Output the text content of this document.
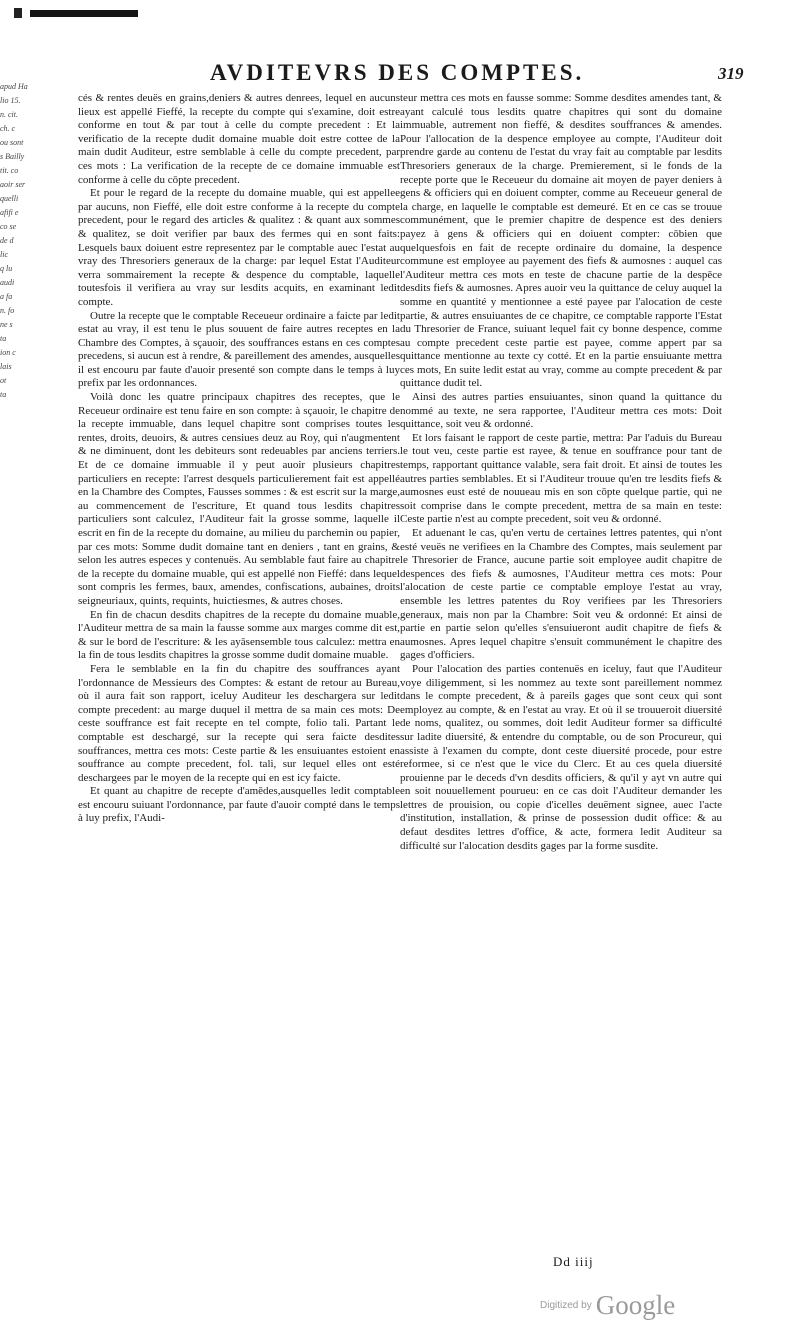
apud Ha
lio 15.
n. cit.
ch. c
ou sont
s Bailly
tit. co
aoir ser
quelli
afifi e
co se
de d
lic
q lu
audi
a fa
n. fo
ne s
ta
ion c
lais
ot
ta
AVDITEVRS DES COMPTES.	319

cés & rentes deuës en grains,deniers & autres denrees, lequel en aucuns lieux est appellé Fieffé, la recepte du compte qui s'examine, doit estre conforme en tout & par tout à celle du compte precedent : Et la verificatio de la recepte dudit domaine muable doit estre cottee de la main dudit Auditeur, estre semblable à celle du compte precedent, par ces mots : La verification de la recepte de ce domaine immuable est conforme à celle du cōpte precedent.

Et pour le regard de la recepte du domaine muable, qui est appellee par aucuns, non Fieffé, elle doit estre conforme à la recepte du compte precedent, pour le regard des articles & qualitez : & quant aux sommes & qualitez, se doit verifier par baux des fermes qui en sont faits: Lesquels baux doiuent estre representez par le comptable auec l'estat au vray des Thresoriers generaux de la charge: par lequel Estat l'Auditeur verra sommairement la recepte & despence du comptable, laquelle toutesfois il verifiera au vray sur lesdits acquits, en examinant ledit compte.

Outre la recepte que le comptable Receueur ordinaire a faicte par ledit estat au vray, il est tenu le plus souuent de faire autres receptes en la Chambre des Comptes, à sçauoir, des souffrances estans en ces comptes precedens, si aucun est à rendre, & pareillement des amendes, ausquelles il est encouru par faute d'auoir presenté son compte dans le temps à luy prefix par les ordonnances.

Voilà donc les quatre principaux chapitres des receptes, que le Receueur ordinaire est tenu faire en son compte: à sçauoir, le chapitre de la recepte immuable, dans lequel chapitre sont comprises toutes les rentes, droits, deuoirs, & autres censiues deuz au Roy, qui n'augmentent & ne diminuent, dont les debiteurs sont redeuables par anciens terriers. Et de ce domaine immuable il y peut auoir plusieurs chapitres particuliers en recepte: l'arrest desquels particulierement fait est appellé en la Chambre des Comptes, Fausses sommes : & est escrit sur la marge, au commencement de l'escriture, Et quand tous lesdits chapitres particuliers sont calculez, l'Auditeur fait la grosse somme, laquelle il escrit en fin de la recepte du domaine, au milieu du parchemin ou papier, par ces mots: Somme dudit domaine tant en deniers , tant en grains, & selon les autres especes y contenuës. Au semblable faut faire au chapitre de la recepte du domaine muable, qui est appellé non Fieffé: dans lequel sont compris les fermes, baux, amendes, confiscations, aubaines, droits seigneuriaux, quints, requints, huictiesmes, & autres choses.

En fin de chacun desdits chapitres de la recepte du domaine muable, l'Auditeur mettra de sa main la fausse somme aux marges comme dit est, & sur le bord de l'escriture: & les ayāsensemble tous calculez: mettra en la fin de tous lesdits chapitres la grosse somme dudit domaine muable.

Fera le semblable en la fin du chapitre des souffrances ayant l'ordonnance de Messieurs des Comptes: & estant de retour au Bureau, où il aura fait son rapport, iceluy Auditeur les deschargera sur ledit compte precedent: au marge duquel il mettra de sa main ces mots: De ceste souffrance est fait recepte en tel compte, folio tali. Partant le comptable est deschargé, sur la recepte qui sera faicte desdites souffrances, mettra ces mots: Ceste partie & les ensuiuantes estoient en souffrance au compte precedent, fol. tali, sur lequel elles ont esté deschargees par le moyen de la recepte qui en est icy faicte.

Et quant au chapitre de recepte d'amēdes,ausquelles ledit comptable est encouru suiuant l'ordonnance, par faute d'auoir compté dans le temps à luy prefix, l'Audi-

teur mettra ces mots en fausse somme: Somme desdites amendes tant, & ayant calculé tous lesdits quatre chapitres qui sont du domaine immuable, autrement non fieffé, & desdites souffrances & amendes. Pour l'allocation de la despence employee au compte, l'Auditeur doit prendre garde au contenu de l'estat du vray fait au comptable par lesdits Thresoriers generaux de la charge. Premierement, si le fonds de la recepte porte que le Receueur du domaine ait moyen de payer deniers à gens & officiers qui en doiuent compter, comme au Receueur general de la charge, en laquelle le comptable est demeuré. Et en ce cas se trouue communément, que le premier chapitre de despence est des deniers payez à gens & officiers qui en doiuent compter: cōbien que quelquesfois en fait de recepte ordinaire du domaine, la despence commune est employee au payement des fiefs & aumosnes : auquel cas l'Auditeur mettra ces mots en teste de chacune partie de la despēce desdits fiefs & aumosnes. Apres auoir veu la quittance de celuy auquel la somme en quantité y mentionnee a esté payee par l'alocation de ceste partie, & autres ensuiuantes de ce chapitre, ce comptable rapporte l'Estat du Thresorier de France, suiuant lequel fait cy bonne despence, comme au compte precedent ceste partie est payee, comme appert par sa quittance mentionne au texte cy cotté. Et en la partie ensuiuante mettra ces mots, En suite ledit estat au vray, comme au compte precedent & par quittance dudit tel.

Ainsi des autres parties ensuiuantes, sinon quand la quittance du nommé au texte, ne sera rapportee, l'Auditeur mettra ces mots: Doit quittance, soit veu & ordonné.

Et lors faisant le rapport de ceste partie, mettra: Par l'aduis du Bureau le tout veu, ceste partie est rayee, & tenue en souffrance pour tant de temps, rapportant quittance valable, sera fait droit. Et ainsi de toutes les autres parties semblables. Et si l'Auditeur trouue qu'en tre lesdits fiefs & aumosnes eust esté de nouueau mis en son cōpte quelque partie, qui ne soit comprise dans le compte precedent, mettra de sa main en teste: Ceste partie n'est au compte precedent, soit veu & ordonné.

Et aduenant le cas, qu'en vertu de certaines lettres patentes, qui n'ont esté veuës ne verifiees en la Chambre des Comptes, mais seulement par le Thresorier de France, aucune partie soit employee audit chapitre de despences des fiefs & aumosnes, l'Auditeur mettra ces mots: Pour l'alocation de ceste partie ce comptable employe l'estat au vray, ensemble les lettres patentes du Roy verifiees par les Thresoriers generaux, mais non par la Chambre: Soit veu & ordonné: Et ainsi de partie en partie selon qu'elles s'ensuiueront audit chapitre de fiefs & aumosnes. Apres lequel chapitre s'ensuit communément le chapitre des gages d'officiers.

Pour l'alocation des parties contenuës en iceluy, faut que l'Auditeur voye diligemment, si les nommez au texte sont pareillement nommez dans le compte precedent, & à pareils gages que sont ceux qui sont employez au compte, & en l'estat au vray. Et où il se trouueroit diuersité de noms, qualitez, ou sommes, doit ledit Auditeur former sa difficulté sur ladite diuersité, & entendre du comptable, ou de son Procureur, qui assiste à l'examen du compte, dont ceste diuersité procede, pour estre reformee, si ce n'est que le vice du Clerc. Et au ces quela diuersité prouienne par le deceds d'vn desdits officiers, & qu'il y ayt vn autre qui en soit nouuellement pourueu: en ce cas doit l'Auditeur demander les lettres de prouision, ou copie d'icelles deuëment signee, auec l'acte d'institution, installation, & prinse de possession dudit office: & au defaut desdites lettres d'office, & acte, formera ledit Auditeur sa difficulté sur l'alocation desdits gages par la forme susdite.

Dd iiij
Digitized by Google
